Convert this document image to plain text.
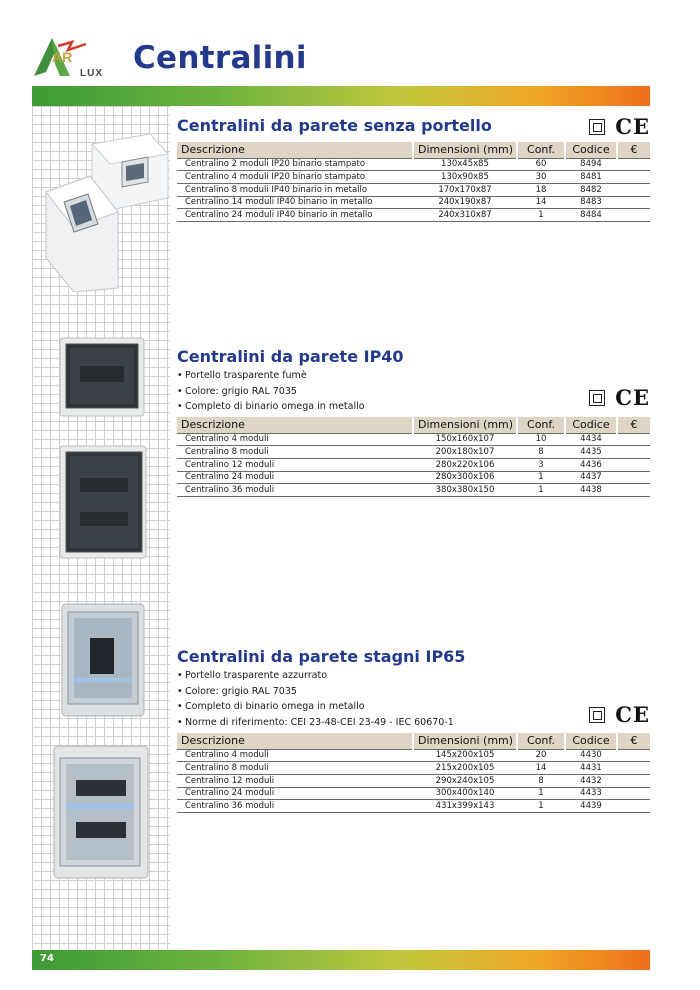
AR
LUX Centralini
Centralini da parete senza portello	CE
Descrizione	Dimensioni (mm)	Conf.	Codice	€
Centralino 2 moduli IP20 binario stampato	130x45x85	60	8494	
Centralino 4 moduli IP20 binario stampato	130x90x85	30	8481	
Centralino 8 moduli IP40 binario in metallo	170x170x87	18	8482	
Centralino 14 moduli IP40 binario in metallo	240x190x87	14	8483	
Centralino 24 moduli IP40 binario in metallo	240x310x87	1	8484	
Centralini da parete IP40
• Portello trasparente fumè
• Colore: grigio RAL 7035
• Completo di binario omega in metallo	CE
Descrizione	Dimensioni (mm)	Conf.	Codice	€
Centralino 4 moduli	150x160x107	10	4434	
Centralino 8 moduli	200x180x107	8	4435	
Centralino 12 moduli	280x220x106	3	4436	
Centralino 24 moduli	280x300x106	1	4437	
Centralino 36 moduli	380x380x150	1	4438	
Centralini da parete stagni IP65
• Portello trasparente azzurrato
• Colore: grigio RAL 7035
• Completo di binario omega in metallo
• Norme di riferimento: CEI 23-48-CEI 23-49 - IEC 60670-1	CE
Descrizione	Dimensioni (mm)	Conf.	Codice	€
Centralino 4 moduli	145x200x105	20	4430	
Centralino 8 moduli	215x200x105	14	4431	
Centralino 12 moduli	290x240x105	8	4432	
Centralino 24 moduli	300x400x140	1	4433	
Centralino 36 moduli	431x399x143	1	4439	
74
